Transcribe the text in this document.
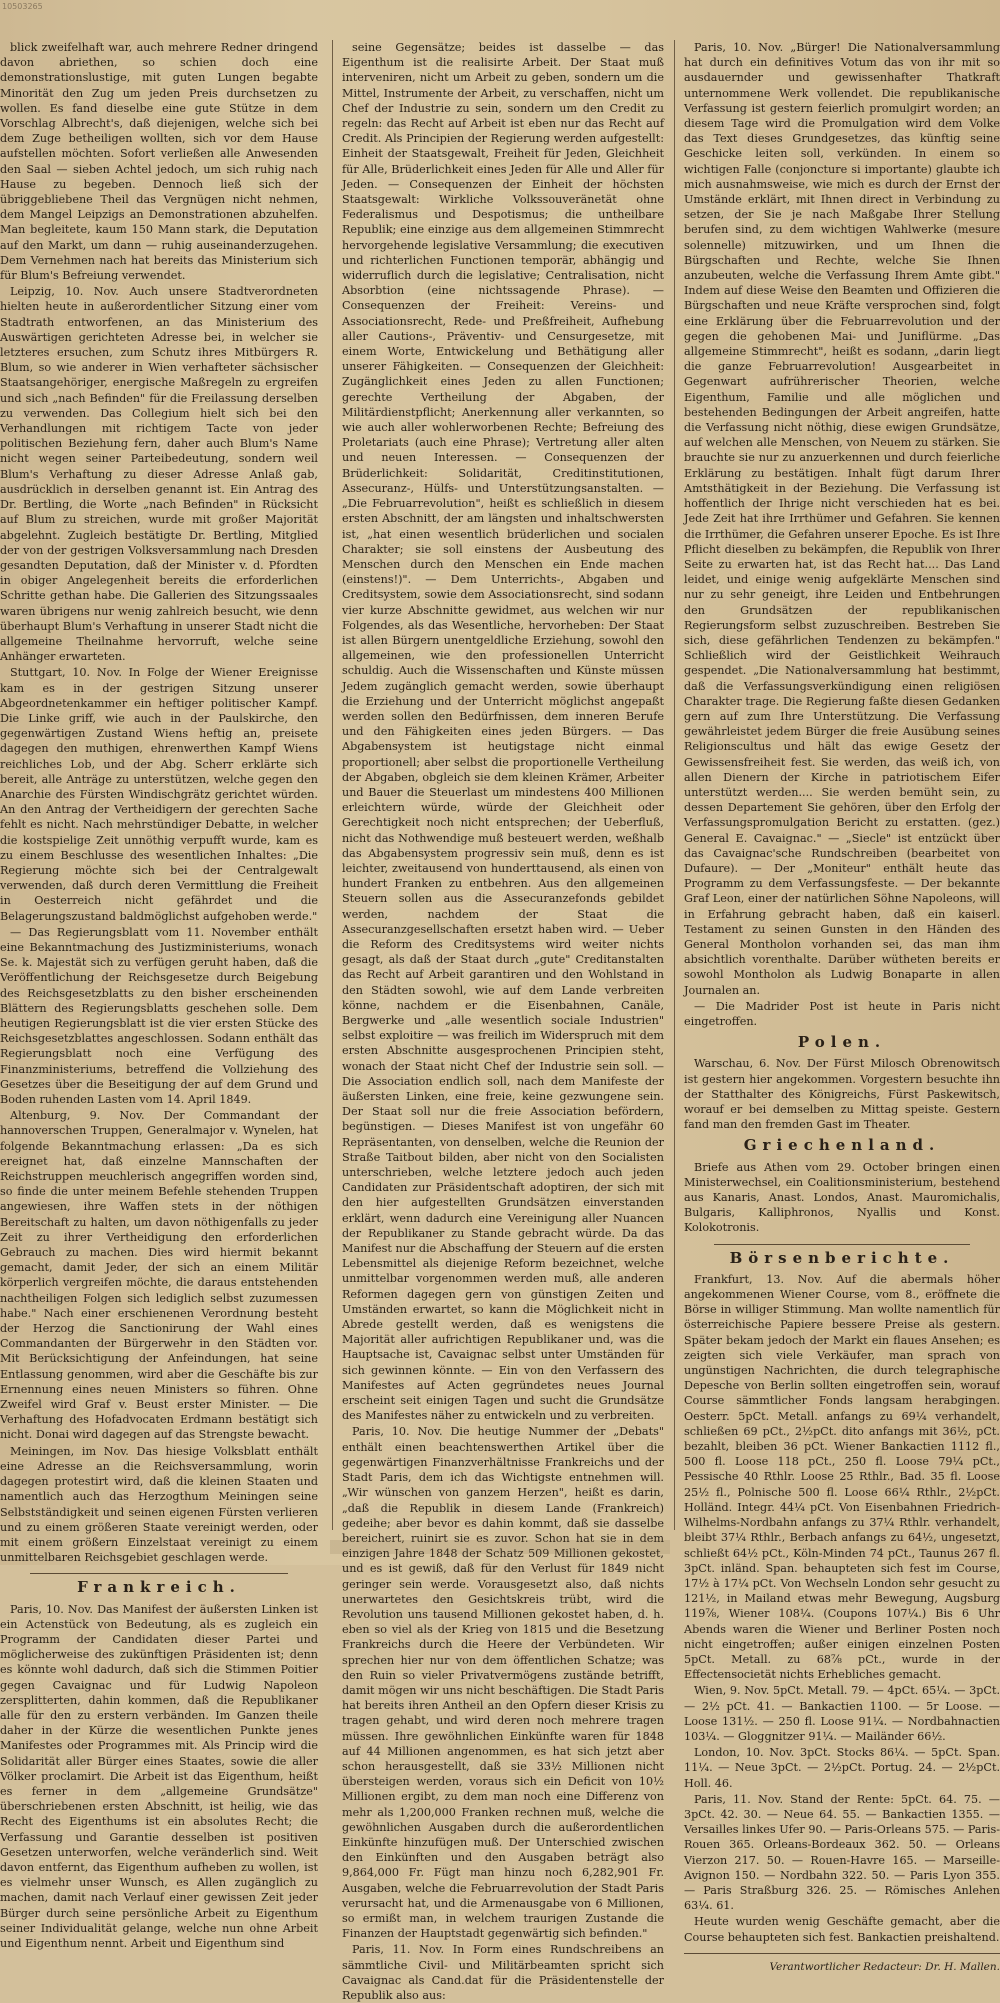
10503265

blick zweifelhaft war, auch mehrere Redner dringend davon abriethen, so schien doch eine demonstrationslustige, mit guten Lungen begabte Minorität den Zug um jeden Preis durchsetzen zu wollen. Es fand dieselbe eine gute Stütze in dem Vorschlag Albrecht's, daß diejenigen, welche sich bei dem Zuge betheiligen wollten, sich vor dem Hause aufstellen möchten. Sofort verließen alle Anwesenden den Saal — sieben Achtel jedoch, um sich ruhig nach Hause zu begeben. Dennoch ließ sich der übriggebliebene Theil das Vergnügen nicht nehmen, dem Mangel Leipzigs an Demonstrationen abzuhelfen. Man begleitete, kaum 150 Mann stark, die Deputation auf den Markt, um dann — ruhig auseinanderzugehen. Dem Vernehmen nach hat bereits das Ministerium sich für Blum's Befreiung verwendet.

Leipzig, 10. Nov. Auch unsere Stadtverordneten hielten heute in außerordentlicher Sitzung einer vom Stadtrath entworfenen, an das Ministerium des Auswärtigen gerichteten Adresse bei, in welcher sie letzteres ersuchen, zum Schutz ihres Mitbürgers R. Blum, so wie anderer in Wien verhafteter sächsischer Staatsangehöriger, energische Maßregeln zu ergreifen und sich „nach Befinden" für die Freilassung derselben zu verwenden. Das Collegium hielt sich bei den Verhandlungen mit richtigem Tacte von jeder politischen Beziehung fern, daher auch Blum's Name nicht wegen seiner Parteibedeutung, sondern weil Blum's Verhaftung zu dieser Adresse Anlaß gab, ausdrücklich in derselben genannt ist. Ein Antrag des Dr. Bertling, die Worte „nach Befinden" in Rücksicht auf Blum zu streichen, wurde mit großer Majorität abgelehnt. Zugleich bestätigte Dr. Bertling, Mitglied der von der gestrigen Volksversammlung nach Dresden gesandten Deputation, daß der Minister v. d. Pfordten in obiger Angelegenheit bereits die erforderlichen Schritte gethan habe. Die Gallerien des Sitzungssaales waren übrigens nur wenig zahlreich besucht, wie denn überhaupt Blum's Verhaftung in unserer Stadt nicht die allgemeine Theilnahme hervorruft, welche seine Anhänger erwarteten.

Stuttgart, 10. Nov. In Folge der Wiener Ereignisse kam es in der gestrigen Sitzung unserer Abgeordnetenkammer ein heftiger politischer Kampf. Die Linke griff, wie auch in der Paulskirche, den gegenwärtigen Zustand Wiens heftig an, preisete dagegen den muthigen, ehrenwerthen Kampf Wiens reichliches Lob, und der Abg. Scherr erklärte sich bereit, alle Anträge zu unterstützen, welche gegen den Anarchie des Fürsten Windischgrätz gerichtet würden. An den Antrag der Vertheidigern der gerechten Sache fehlt es nicht. Nach mehrstündiger Debatte, in welcher die kostspielige Zeit unnöthig verpufft wurde, kam es zu einem Beschlusse des wesentlichen Inhaltes: „Die Regierung möchte sich bei der Centralgewalt verwenden, daß durch deren Vermittlung die Freiheit in Oesterreich nicht gefährdet und die Belagerungszustand baldmöglichst aufgehoben werde."

— Das Regierungsblatt vom 11. November enthält eine Bekanntmachung des Justizministeriums, wonach Se. k. Majestät sich zu verfügen geruht haben, daß die Veröffentlichung der Reichsgesetze durch Beigebung des Reichsgesetzblatts zu den bisher erscheinenden Blättern des Regierungsblatts geschehen solle. Dem heutigen Regierungsblatt ist die vier ersten Stücke des Reichsgesetzblattes angeschlossen. Sodann enthält das Regierungsblatt noch eine Verfügung des Finanzministeriums, betreffend die Vollziehung des Gesetzes über die Beseitigung der auf dem Grund und Boden ruhenden Lasten vom 14. April 1849.

Altenburg, 9. Nov. Der Commandant der hannoverschen Truppen, Generalmajor v. Wynelen, hat folgende Bekanntmachung erlassen: „Da es sich ereignet hat, daß einzelne Mannschaften der Reichstruppen meuchlerisch angegriffen worden sind, so finde die unter meinem Befehle stehenden Truppen angewiesen, ihre Waffen stets in der nöthigen Bereitschaft zu halten, um davon nöthigenfalls zu jeder Zeit zu ihrer Vertheidigung den erforderlichen Gebrauch zu machen. Dies wird hiermit bekannt gemacht, damit Jeder, der sich an einem Militär körperlich vergreifen möchte, die daraus entstehenden nachtheiligen Folgen sich lediglich selbst zuzumessen habe." Nach einer erschienenen Verordnung besteht der Herzog die Sanctionirung der Wahl eines Commandanten der Bürgerwehr in den Städten vor. Mit Berücksichtigung der Anfeindungen, hat seine Entlassung genommen, wird aber die Geschäfte bis zur Ernennung eines neuen Ministers so führen. Ohne Zweifel wird Graf v. Beust erster Minister. — Die Verhaftung des Hofadvocaten Erdmann bestätigt sich nicht. Donai wird dagegen auf das Strengste bewacht.

Meiningen, im Nov. Das hiesige Volksblatt enthält eine Adresse an die Reichsversammlung, worin dagegen protestirt wird, daß die kleinen Staaten und namentlich auch das Herzogthum Meiningen seine Selbstständigkeit und seinen eigenen Fürsten verlieren und zu einem größeren Staate vereinigt werden, oder mit einem größern Einzelstaat vereinigt zu einem unmittelbaren Reichsgebiet geschlagen werde.

Frankreich.

Paris, 10. Nov. Das Manifest der äußersten Linken ist ein Actenstück von Bedeutung, als es zugleich ein Programm der Candidaten dieser Partei und möglicherweise des zukünftigen Präsidenten ist; denn es könnte wohl dadurch, daß sich die Stimmen Poitier gegen Cavaignac und für Ludwig Napoleon zersplitterten, dahin kommen, daß die Republikaner alle für den zu erstern verbänden. Im Ganzen theile daher in der Kürze die wesentlichen Punkte jenes Manifestes oder Programmes mit. Als Princip wird die Solidarität aller Bürger eines Staates, sowie die aller Völker proclamirt. Die Arbeit ist das Eigenthum, heißt es ferner in dem „allgemeine Grundsätze" überschriebenen ersten Abschnitt, ist heilig, wie das Recht des Eigenthums ist ein absolutes Recht; die Verfassung und Garantie desselben ist positiven Gesetzen unterworfen, welche veränderlich sind. Weit davon entfernt, das Eigenthum aufheben zu wollen, ist es vielmehr unser Wunsch, es Allen zugänglich zu machen, damit nach Verlauf einer gewissen Zeit jeder Bürger durch seine persönliche Arbeit zu Eigenthum seiner Individualität gelange, welche nun ohne Arbeit und Eigenthum nennt. Arbeit und Eigenthum sind

seine Gegensätze; beides ist dasselbe — das Eigenthum ist die realisirte Arbeit. Der Staat muß interveniren, nicht um Arbeit zu geben, sondern um die Mittel, Instrumente der Arbeit, zu verschaffen, nicht um Chef der Industrie zu sein, sondern um den Credit zu regeln: das Recht auf Arbeit ist eben nur das Recht auf Credit. Als Principien der Regierung werden aufgestellt: Einheit der Staatsgewalt, Freiheit für Jeden, Gleichheit für Alle, Brüderlichkeit eines Jeden für Alle und Aller für Jeden. — Consequenzen der Einheit der höchsten Staatsgewalt: Wirkliche Volkssouveränetät ohne Federalismus und Despotismus; die untheilbare Republik; eine einzige aus dem allgemeinen Stimmrecht hervorgehende legislative Versammlung; die executiven und richterlichen Functionen temporär, abhängig und widerruflich durch die legislative; Centralisation, nicht Absorbtion (eine nichtssagende Phrase). — Consequenzen der Freiheit: Vereins- und Associationsrecht, Rede- und Preßfreiheit, Aufhebung aller Cautions-, Präventiv- und Censurgesetze, mit einem Worte, Entwickelung und Bethätigung aller unserer Fähigkeiten. — Consequenzen der Gleichheit: Zugänglichkeit eines Jeden zu allen Functionen; gerechte Vertheilung der Abgaben, der Militärdienstpflicht; Anerkennung aller verkannten, so wie auch aller wohlerworbenen Rechte; Befreiung des Proletariats (auch eine Phrase); Vertretung aller alten und neuen Interessen. — Consequenzen der Brüderlichkeit: Solidarität, Creditinstitutionen, Assecuranz-, Hülfs- und Unterstützungsanstalten. — „Die Februarrevolution", heißt es schließlich in diesem ersten Abschnitt, der am längsten und inhaltschwersten ist, „hat einen wesentlich brüderlichen und socialen Charakter; sie soll einstens der Ausbeutung des Menschen durch den Menschen ein Ende machen (einstens!)". — Dem Unterrichts-, Abgaben und Creditsystem, sowie dem Associationsrecht, sind sodann vier kurze Abschnitte gewidmet, aus welchen wir nur Folgendes, als das Wesentliche, hervorheben: Der Staat ist allen Bürgern unentgeldliche Erziehung, sowohl den allgemeinen, wie den professionellen Unterricht schuldig. Auch die Wissenschaften und Künste müssen Jedem zugänglich gemacht werden, sowie überhaupt die Erziehung und der Unterricht möglichst angepaßt werden sollen den Bedürfnissen, dem inneren Berufe und den Fähigkeiten eines jeden Bürgers. — Das Abgabensystem ist heutigstage nicht einmal proportionell; aber selbst die proportionelle Vertheilung der Abgaben, obgleich sie dem kleinen Krämer, Arbeiter und Bauer die Steuerlast um mindestens 400 Millionen erleichtern würde, würde der Gleichheit oder Gerechtigkeit noch nicht entsprechen; der Ueberfluß, nicht das Nothwendige muß besteuert werden, weßhalb das Abgabensystem progressiv sein muß, denn es ist leichter, zweitausend von hunderttausend, als einen von hundert Franken zu entbehren. Aus den allgemeinen Steuern sollen aus die Assecuranzefonds gebildet werden, nachdem der Staat die Assecuranzgesellschaften ersetzt haben wird. — Ueber die Reform des Creditsystems wird weiter nichts gesagt, als daß der Staat durch „gute" Creditanstalten das Recht auf Arbeit garantiren und den Wohlstand in den Städten sowohl, wie auf dem Lande verbreiten könne, nachdem er die Eisenbahnen, Canäle, Bergwerke und „alle wesentlich sociale Industrien" selbst exploitire — was freilich im Widerspruch mit dem ersten Abschnitte ausgesprochenen Principien steht, wonach der Staat nicht Chef der Industrie sein soll. — Die Association endlich soll, nach dem Manifeste der äußersten Linken, eine freie, keine gezwungene sein. Der Staat soll nur die freie Association befördern, begünstigen. — Dieses Manifest ist von ungefähr 60 Repräsentanten, von denselben, welche die Reunion der Straße Taitbout bilden, aber nicht von den Socialisten unterschrieben, welche letztere jedoch auch jeden Candidaten zur Präsidentschaft adoptiren, der sich mit den hier aufgestellten Grundsätzen einverstanden erklärt, wenn dadurch eine Vereinigung aller Nuancen der Republikaner zu Stande gebracht würde. Da das Manifest nur die Abschaffung der Steuern auf die ersten Lebensmittel als diejenige Reform bezeichnet, welche unmittelbar vorgenommen werden muß, alle anderen Reformen dagegen gern von günstigen Zeiten und Umständen erwartet, so kann die Möglichkeit nicht in Abrede gestellt werden, daß es wenigstens die Majorität aller aufrichtigen Republikaner und, was die Hauptsache ist, Cavaignac selbst unter Umständen für sich gewinnen könnte. — Ein von den Verfassern des Manifestes auf Acten gegründetes neues Journal erscheint seit einigen Tagen und sucht die Grundsätze des Manifestes näher zu entwickeln und zu verbreiten.

Paris, 10. Nov. Die heutige Nummer der „Debats" enthält einen beachtenswerthen Artikel über die gegenwärtigen Finanzverhältnisse Frankreichs und der Stadt Paris, dem ich das Wichtigste entnehmen will. „Wir wünschen von ganzem Herzen", heißt es darin, „daß die Republik in diesem Lande (Frankreich) gedeihe; aber bevor es dahin kommt, daß sie dasselbe bereichert, ruinirt sie es zuvor. Schon hat sie in dem einzigen Jahre 1848 der Schatz 509 Millionen gekostet, und es ist gewiß, daß für den Verlust für 1849 nicht geringer sein werde. Vorausgesetzt also, daß nichts unerwartetes den Gesichtskreis trübt, wird die Revolution uns tausend Millionen gekostet haben, d. h. eben so viel als der Krieg von 1815 und die Besetzung Frankreichs durch die Heere der Verbündeten. Wir sprechen hier nur von dem öffentlichen Schatze; was den Ruin so vieler Privatvermögens zustände betrifft, damit mögen wir uns nicht beschäftigen. Die Stadt Paris hat bereits ihren Antheil an den Opfern dieser Krisis zu tragen gehabt, und wird deren noch mehrere tragen müssen. Ihre gewöhnlichen Einkünfte waren für 1848 auf 44 Millionen angenommen, es hat sich jetzt aber schon herausgestellt, daß sie 33½ Millionen nicht übersteigen werden, voraus sich ein Deficit von 10½ Millionen ergibt, zu dem man noch eine Differenz von mehr als 1,200,000 Franken rechnen muß, welche die gewöhnlichen Ausgaben durch die außerordentlichen Einkünfte hinzufügen muß. Der Unterschied zwischen den Einkünften und den Ausgaben beträgt also 9,864,000 Fr. Fügt man hinzu noch 6,282,901 Fr. Ausgaben, welche die Februarrevolution der Stadt Paris verursacht hat, und die Armenausgabe von 6 Millionen, so ermißt man, in welchem traurigen Zustande die Finanzen der Hauptstadt gegenwärtig sich befinden."

Paris, 11. Nov. In Form eines Rundschreibens an sämmtliche Civil- und Militärbeamten spricht sich Cavaignac als Cand.dat für die Präsidentenstelle der Republik also aus:

Paris, 10. Nov. „Bürger! Die Nationalversammlung hat durch ein definitives Votum das von ihr mit so ausdauernder und gewissenhafter Thatkraft unternommene Werk vollendet. Die republikanische Verfassung ist gestern feierlich promulgirt worden; an diesem Tage wird die Promulgation wird dem Volke das Text dieses Grundgesetzes, das künftig seine Geschicke leiten soll, verkünden. In einem so wichtigen Falle (conjoncture si importante) glaubte ich mich ausnahmsweise, wie mich es durch der Ernst der Umstände erklärt, mit Ihnen direct in Verbindung zu setzen, der Sie je nach Maßgabe Ihrer Stellung berufen sind, zu dem wichtigen Wahlwerke (mesure solennelle) mitzuwirken, und um Ihnen die Bürgschaften und Rechte, welche Sie Ihnen anzubeuten, welche die Verfassung Ihrem Amte gibt." Indem auf diese Weise den Beamten und Offizieren die Bürgschaften und neue Kräfte versprochen sind, folgt eine Erklärung über die Februarrevolution und der gegen die gehobenen Mai- und Juniflürme. „Das allgemeine Stimmrecht", heißt es sodann, „darin liegt die ganze Februarrevolution! Ausgearbeitet in Gegenwart aufrührerischer Theorien, welche Eigenthum, Familie und alle möglichen und bestehenden Bedingungen der Arbeit angreifen, hatte die Verfassung nicht nöthig, diese ewigen Grundsätze, auf welchen alle Menschen, von Neuem zu stärken. Sie brauchte sie nur zu anzuerkennen und durch feierliche Erklärung zu bestätigen. Inhalt fügt darum Ihrer Amtsthätigkeit in der Beziehung. Die Verfassung ist hoffentlich der Ihrige nicht verschieden hat es bei. Jede Zeit hat ihre Irrthümer und Gefahren. Sie kennen die Irrthümer, die Gefahren unserer Epoche. Es ist Ihre Pflicht dieselben zu bekämpfen, die Republik von Ihrer Seite zu erwarten hat, ist das Recht hat.... Das Land leidet, und einige wenig aufgeklärte Menschen sind nur zu sehr geneigt, ihre Leiden und Entbehrungen den Grundsätzen der republikanischen Regierungsform selbst zuzuschreiben. Bestreben Sie sich, diese gefährlichen Tendenzen zu bekämpfen." Schließlich wird der Geistlichkeit Weihrauch gespendet. „Die Nationalversammlung hat bestimmt, daß die Verfassungsverkündigung einen religiösen Charakter trage. Die Regierung faßte diesen Gedanken gern auf zum Ihre Unterstützung. Die Verfassung gewährleistet jedem Bürger die freie Ausübung seines Religionscultus und hält das ewige Gesetz der Gewissensfreiheit fest. Sie werden, das weiß ich, von allen Dienern der Kirche in patriotischem Eifer unterstützt werden.... Sie werden bemüht sein, zu dessen Departement Sie gehören, über den Erfolg der Verfassungspromulgation Bericht zu erstatten. (gez.) General E. Cavaignac." — „Siecle" ist entzückt über das Cavaignac'sche Rundschreiben (bearbeitet von Dufaure). — Der „Moniteur" enthält heute das Programm zu dem Verfassungsfeste. — Der bekannte Graf Leon, einer der natürlichen Söhne Napoleons, will in Erfahrung gebracht haben, daß ein kaiserl. Testament zu seinen Gunsten in den Händen des General Montholon vorhanden sei, das man ihm absichtlich vorenthalte. Darüber wütheten bereits er sowohl Montholon als Ludwig Bonaparte in allen Journalen an.

— Die Madrider Post ist heute in Paris nicht eingetroffen.

Polen.

Warschau, 6. Nov. Der Fürst Milosch Obrenowitsch ist gestern hier angekommen. Vorgestern besuchte ihn der Statthalter des Königreichs, Fürst Paskewitsch, worauf er bei demselben zu Mittag speiste. Gestern fand man den fremden Gast im Theater.

Griechenland.

Briefe aus Athen vom 29. October bringen einen Ministerwechsel, ein Coalitionsministerium, bestehend aus Kanaris, Anast. Londos, Anast. Mauromichalis, Bulgaris, Kalliphronos, Nyallis und Konst. Kolokotronis.

Börsenberichte.

Frankfurt, 13. Nov. Auf die abermals höher angekommenen Wiener Course, vom 8., eröffnete die Börse in williger Stimmung. Man wollte namentlich für österreichische Papiere bessere Preise als gestern. Später bekam jedoch der Markt ein flaues Ansehen; es zeigten sich viele Verkäufer, man sprach von ungünstigen Nachrichten, die durch telegraphische Depesche von Berlin sollten eingetroffen sein, worauf Course sämmtlicher Fonds langsam herabgingen. Oesterr. 5pCt. Metall. anfangs zu 69¼ verhandelt, schließen 69 pCt., 2½pCt. dito anfangs mit 36½, pCt. bezahlt, bleiben 36 pCt. Wiener Bankactien 1112 fl., 500 fl. Loose 118 pCt., 250 fl. Loose 79¼ pCt., Pessische 40 Rthlr. Loose 25 Rthlr., Bad. 35 fl. Loose 25½ fl., Polnische 500 fl. Loose 66¼ Rthlr., 2½pCt. Holländ. Integr. 44¼ pCt. Von Eisenbahnen Friedrich-Wilhelms-Nordbahn anfangs zu 37¼ Rthlr. verhandelt, bleibt 37¼ Rthlr., Berbach anfangs zu 64½, ungesetzt, schließt 64½ pCt., Köln-Minden 74 pCt., Taunus 267 fl. 3pCt. inländ. Span. behaupteten sich fest im Course, 17½ à 17¼ pCt. Von Wechseln London sehr gesucht zu 121½, in Mailand etwas mehr Bewegung, Augsburg 119⅞, Wiener 108¼. (Coupons 107¼.) Bis 6 Uhr Abends waren die Wiener und Berliner Posten noch nicht eingetroffen; außer einigen einzelnen Posten 5pCt. Metall. zu 68⅞ pCt., wurde in der Effectensocietät nichts Erhebliches gemacht.

Wien, 9. Nov. 5pCt. Metall. 79. — 4pCt. 65¼. — 3pCt. — 2½ pCt. 41. — Bankactien 1100. — 5r Loose. — Loose 131½. — 250 fl. Loose 91¼. — Nordbahnactien 103¼. — Gloggnitzer 91¼. — Mailänder 66½.

London, 10. Nov. 3pCt. Stocks 86¼. — 5pCt. Span. 11¼. — Neue 3pCt. — 2½pCt. Portug. 24. — 2½pCt. Holl. 46.

Paris, 11. Nov. Stand der Rente: 5pCt. 64. 75. — 3pCt. 42. 30. — Neue 64. 55. — Bankactien 1355. — Versailles linkes Ufer 90. — Paris-Orleans 575. — Paris-Rouen 365. Orleans-Bordeaux 362. 50. — Orleans Vierzon 217. 50. — Rouen-Havre 165. — Marseille-Avignon 150. — Nordbahn 322. 50. — Paris Lyon 355. — Paris Straßburg 326. 25. — Römisches Anlehen 63¼. 61.

Heute wurden wenig Geschäfte gemacht, aber die Course behaupteten sich fest. Bankactien preishaltend.

Verantwortlicher Redacteur: Dr. H. Mallen.
